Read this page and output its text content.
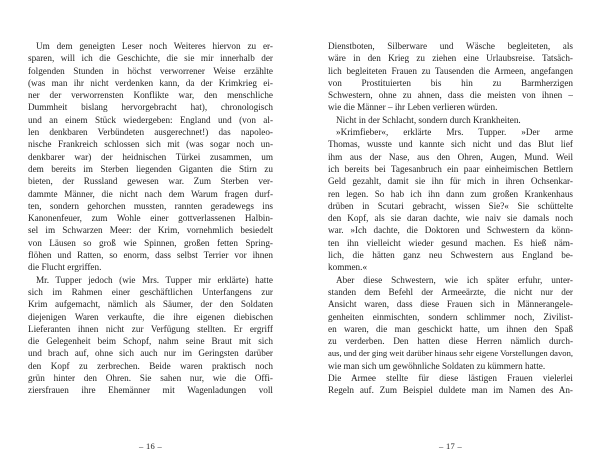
Um dem geneigten Leser noch Weiteres hiervon zu er-
sparen, will ich die Geschichte, die sie mir innerhalb der
folgenden Stunden in höchst verworrener Weise erzählte
(was man ihr nicht verdenken kann, da der Krimkrieg ei-
ner der verworrensten Konflikte war, den menschliche
Dummheit bislang hervorgebracht hat), chronologisch
und an einem Stück wiedergeben: England und (von al-
len denkbaren Verbündeten ausgerechnet!) das napoleo-
nische Frankreich schlossen sich mit (was sogar noch un-
denkbarer war) der heidnischen Türkei zusammen, um
dem bereits im Sterben liegenden Giganten die Stirn zu
bieten, der Russland gewesen war. Zum Sterben ver-
dammte Männer, die nicht nach dem Warum fragen durf-
ten, sondern gehorchen mussten, rannten geradewegs ins
Kanonenfeuer, zum Wohle einer gottverlassenen Halbin-
sel im Schwarzen Meer: der Krim, vornehmlich besiedelt
von Läusen so groß wie Spinnen, großen fetten Spring-
flöhen und Ratten, so enorm, dass selbst Terrier vor ihnen
die Flucht ergriffen.
Mr. Tupper jedoch (wie Mrs. Tupper mir erklärte) hatte
sich im Rahmen einer geschäftlichen Unterfangens zur
Krim aufgemacht, nämlich als Säumer, der den Soldaten
diejenigen Waren verkaufte, die ihre eigenen diebischen
Lieferanten ihnen nicht zur Verfügung stellten. Er ergriff
die Gelegenheit beim Schopf, nahm seine Braut mit sich
und brach auf, ohne sich auch nur im Geringsten darüber
den Kopf zu zerbrechen. Beide waren praktisch noch
grün hinter den Ohren. Sie sahen nur, wie die Offi-
ziersfrauen ihre Ehemänner mit Wagenladungen voll
Dienstboten, Silberware und Wäsche begleiteten, als
wäre in den Krieg zu ziehen eine Urlaubsreise. Tatsäch-
lich begleiteten Frauen zu Tausenden die Armeen, angefangen
von Prostituierten bis hin zu Barmherzigen
Schwestern, ohne zu ahnen, dass die meisten von ihnen –
wie die Männer – ihr Leben verlieren würden.
Nicht in der Schlacht, sondern durch Krankheiten.
»Krimfieber«, erklärte Mrs. Tupper. »Der arme
Thomas, wusste und kannte sich nicht und das Blut lief
ihm aus der Nase, aus den Ohren, Augen, Mund. Weil
ich bereits bei Tagesanbruch ein paar einheimischen Bettlern
Geld gezahlt, damit sie ihn für mich in ihren Ochsenkar-
ren legen. So hab ich ihn dann zum großen Krankenhaus
drüben in Scutari gebracht, wissen Sie?« Sie schüttelte
den Kopf, als sie daran dachte, wie naiv sie damals noch
war. »Ich dachte, die Doktoren und Schwestern da könn-
ten ihn vielleicht wieder gesund machen. Es hieß näm-
lich, die hätten ganz neu Schwestern aus England be-
kommen.«
Aber diese Schwestern, wie ich später erfuhr, unter-
standen dem Befehl der Armeeärzte, die nicht nur der
Ansicht waren, dass diese Frauen sich in Männerangele-
genheiten einmischten, sondern schlimmer noch, Zivilist-
en waren, die man geschickt hatte, um ihnen den Spaß
zu verderben. Den hatten diese Herren nämlich durch-
aus, und der ging weit darüber hinaus sehr eigene Vorstellungen davon,
wie man sich um gewöhnliche Soldaten zu kümmern hatte.
Die Armee stellte für diese lästigen Frauen vielerlei
Regeln auf. Zum Beispiel duldete man im Namen des An-
– 16 –	– 17 –
